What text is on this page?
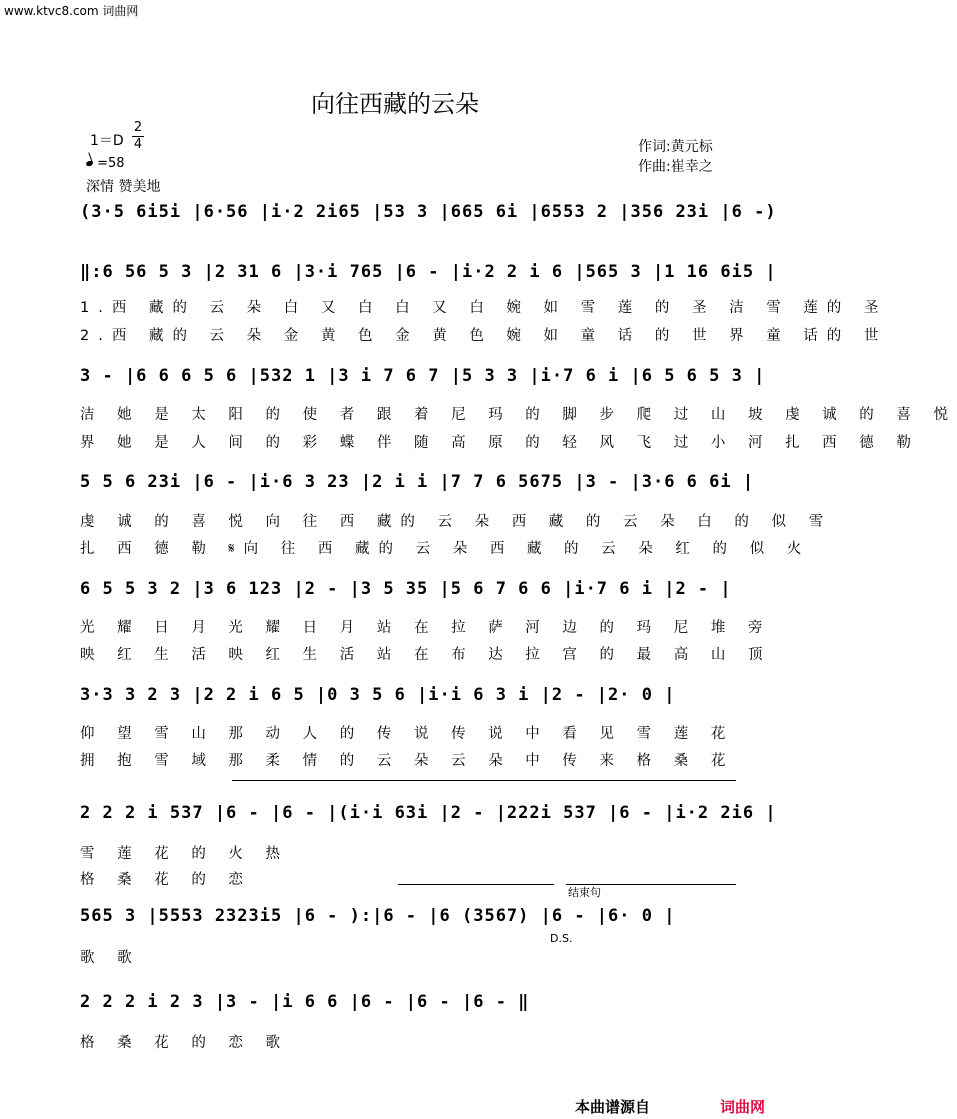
www.ktvc8.com 词曲网
向往西藏的云朵
1＝D
2
4
=58
深情 赞美地
作词:黄元标
作曲:崔幸之
(3·5 6i5i |6·56 |i·2 2i65 |53 3 |665 6i |6553 2 |356 23i |6 -)
‖:6 56 5 3 |2 31 6 |3·i 765 |6 - |i·2 2 i 6 |565 3 |1 16 6i5 |
1.西 藏的 云 朵 白 又 白 白 又 白 婉 如 雪 莲 的 圣 洁 雪 莲的 圣
2.西 藏的 云 朵 金 黄 色 金 黄 色 婉 如 童 话 的 世 界 童 话的 世
3 - |6 6 6 5 6 |532 1 |3 i 7 6 7 |5 3 3 |i·7 6 i |6 5 6 5 3 |
洁 她 是 太 阳 的 使 者 跟 着 尼 玛 的 脚 步 爬 过 山 坡 虔 诚 的 喜 悦
界 她 是 人 间 的 彩 蝶 伴 随 高 原 的 轻 风 飞 过 小 河 扎 西 德 勒
5 5 6 23i |6 - |i·6 3 23 |2 i i |7 7 6 5675 |3 - |3·6 6 6i |
虔 诚 的 喜 悦 向 往 西 藏的 云 朵 西 藏 的 云 朵 白 的 似 雪
扎 西 德 勒 𝄋向 往 西 藏的 云 朵 西 藏 的 云 朵 红 的 似 火
6 5 5 3 2 |3 6 123 |2 - |3 5 35 |5 6 7 6 6 |i·7 6 i |2 - |
光 耀 日 月 光 耀 日 月 站 在 拉 萨 河 边 的 玛 尼 堆 旁
映 红 生 活 映 红 生 活 站 在 布 达 拉 宫 的 最 高 山 顶
3·3 3 2 3 |2 2 i 6 5 |0 3 5 6 |i·i 6 3 i |2 - |2· 0 |
仰 望 雪 山 那 动 人 的 传 说 传 说 中 看 见 雪 莲 花
拥 抱 雪 域 那 柔 情 的 云 朵 云 朵 中 传 来 格 桑 花
2 2 2 i 537 |6 - |6 - |(i·i 63i |2 - |222i 537 |6 - |i·2 2i6 |
雪 莲 花 的 火 热
格 桑 花 的 恋
结束句
565 3 |5553 2323i5 |6 - ):|6 - |6 (3567) |6 - |6· 0 |
D.S.
歌 歌
2 2 2 i 2 3 |3 - |i 6 6 |6 - |6 - |6 - ‖
格 桑 花 的 恋 歌
本曲谱源自	词曲网
